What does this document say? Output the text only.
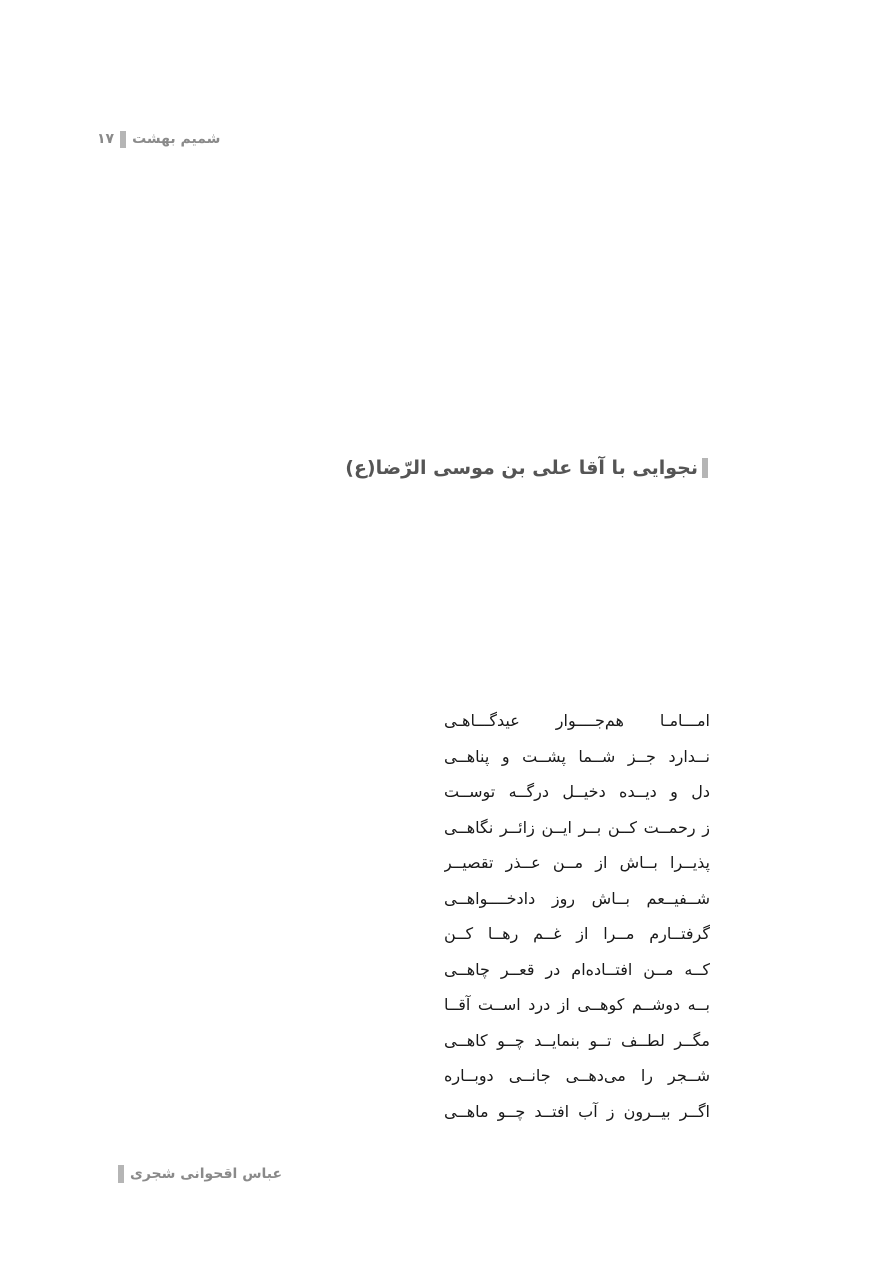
۱۷ شمیم بهشت
نجوایی با آقا علی بن موسی الرّضا(ع)
امـــامـا هم‌جــــوار عیدگـــاهـی
نــدارد جــز شــما پشــت و پناهــی
دل و دیــده دخیــل درگــه توســت
ز رحمــت کــن بــر ایــن زائــر نگاهــی
پذیــرا بــاش از مــن عــذر تقصیــر
شــفیــعم بــاش روز دادخــــواهــی
گرفتــارم مــرا از غــم رهــا کــن
کــه مــن افتــاده‌ام در قعــر چاهــی
بــه دوشــم کوهــی از درد اســت آقــا
مگــر لطــف تــو بنمایــد چــو کاهــی
شــجر را می‌دهــی جانــی دوبــاره
اگــر بیــرون ز آب افتــد چــو ماهــی
عباس اقحوانی شجری
